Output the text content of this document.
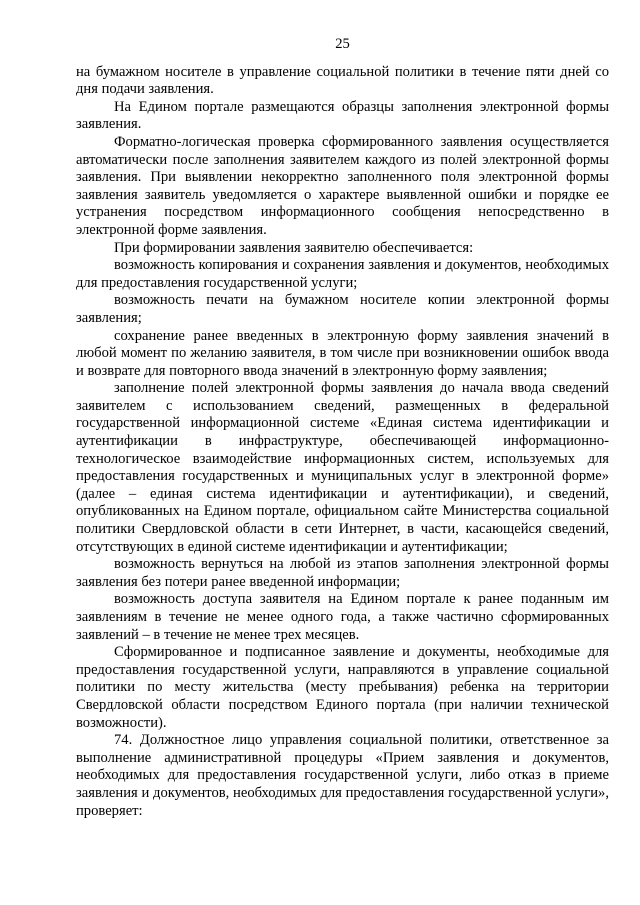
25

на бумажном носителе в управление социальной политики в течение пяти дней со дня подачи заявления.

На Едином портале размещаются образцы заполнения электронной формы заявления.

Форматно-логическая проверка сформированного заявления осуществляется автоматически после заполнения заявителем каждого из полей электронной формы заявления. При выявлении некорректно заполненного поля электронной формы заявления заявитель уведомляется о характере выявленной ошибки и порядке ее устранения посредством информационного сообщения непосредственно в электронной форме заявления.

При формировании заявления заявителю обеспечивается:

возможность копирования и сохранения заявления и документов, необходимых для предоставления государственной услуги;

возможность печати на бумажном носителе копии электронной формы заявления;

сохранение ранее введенных в электронную форму заявления значений в любой момент по желанию заявителя, в том числе при возникновении ошибок ввода и возврате для повторного ввода значений в электронную форму заявления;

заполнение полей электронной формы заявления до начала ввода сведений заявителем с использованием сведений, размещенных в федеральной государственной информационной системе «Единая система идентификации и аутентификации в инфраструктуре, обеспечивающей информационно-технологическое взаимодействие информационных систем, используемых для предоставления государственных и муниципальных услуг в электронной форме» (далее – единая система идентификации и аутентификации), и сведений, опубликованных на Едином портале, официальном сайте Министерства социальной политики Свердловской области в сети Интернет, в части, касающейся сведений, отсутствующих в единой системе идентификации и аутентификации;

возможность вернуться на любой из этапов заполнения электронной формы заявления без потери ранее введенной информации;

возможность доступа заявителя на Едином портале к ранее поданным им заявлениям в течение не менее одного года, а также частично сформированных заявлений – в течение не менее трех месяцев.

Сформированное и подписанное заявление и документы, необходимые для предоставления государственной услуги, направляются в управление социальной политики по месту жительства (месту пребывания) ребенка на территории Свердловской области посредством Единого портала (при наличии технической возможности).

74. Должностное лицо управления социальной политики, ответственное за выполнение административной процедуры «Прием заявления и документов, необходимых для предоставления государственной услуги, либо отказ в приеме заявления и документов, необходимых для предоставления государственной услуги», проверяет:
